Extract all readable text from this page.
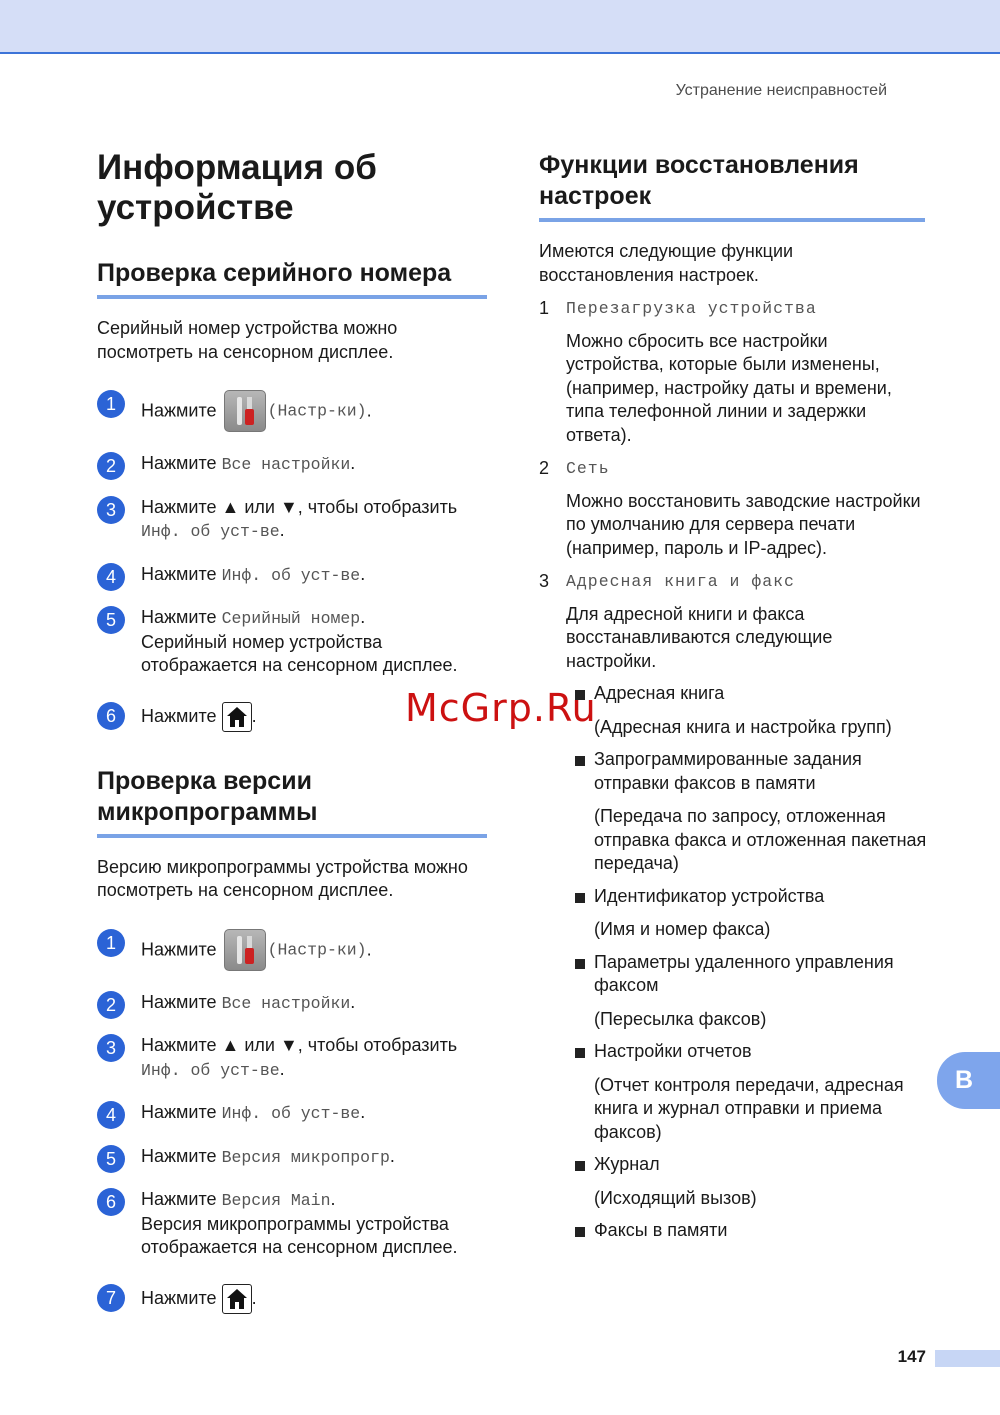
Устранение неисправностей
Информация об устройстве
Проверка серийного номера

Серийный номер устройства можно посмотреть на сенсорном дисплее.

1	Нажмите	(Настр-ки).
2	Нажмите Все настройки.
3	Нажмите ▲ или ▼, чтобы отобразить
Инф. об уст-ве.
4	Нажмите Инф. об уст-ве.
5	Нажмите Серийный номер.
Серийный номер устройства отображается на сенсорном дисплее.
6	Нажмите .
Проверка версии микропрограммы

Версию микропрограммы устройства можно посмотреть на сенсорном дисплее.

1	Нажмите	(Настр-ки).
2	Нажмите Все настройки.
3	Нажмите ▲ или ▼, чтобы отобразить
Инф. об уст-ве.
4	Нажмите Инф. об уст-ве.
5	Нажмите Версия микропрогр.
6	Нажмите Версия Main.
Версия микропрограммы устройства отображается на сенсорном дисплее.
7	Нажмите .
Функции восстановления настроек

Имеются следующие функции восстановления настроек.

1 Перезагрузка устройства

Можно сбросить все настройки устройства, которые были изменены, (например, настройку даты и времени, типа телефонной линии и задержки ответа).

2 Сеть

Можно восстановить заводские настройки по умолчанию для сервера печати (например, пароль и IP-адрес).

3 Адресная книга и факс

Для адресной книги и факса восстанавливаются следующие настройки.

Адресная книга
(Адресная книга и настройка групп)
Запрограммированные задания отправки факсов в памяти
(Передача по запросу, отложенная отправка факса и отложенная пакетная передача)
Идентификатор устройства
(Имя и номер факса)
Параметры удаленного управления факсом
(Пересылка факсов)
Настройки отчетов
(Отчет контроля передачи, адресная книга и журнал отправки и приема факсов)
Журнал
(Исходящий вызов)
Факсы в памяти
McGrp.Ru
B
147
